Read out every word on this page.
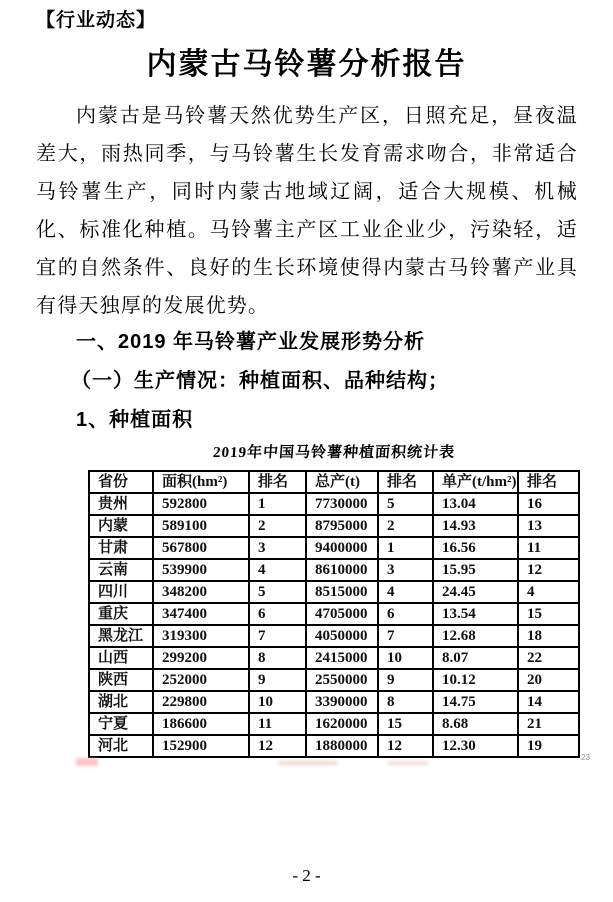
【行业动态】
内蒙古马铃薯分析报告

内蒙古是马铃薯天然优势生产区，日照充足，昼夜温差大，雨热同季，与马铃薯生长发育需求吻合，非常适合马铃薯生产，同时内蒙古地域辽阔，适合大规模、机械化、标准化种植。马铃薯主产区工业企业少，污染轻，适宜的自然条件、良好的生长环境使得内蒙古马铃薯产业具有得天独厚的发展优势。

一、2019 年马铃薯产业发展形势分析
（一）生产情况：种植面积、品种结构；
1、种植面积
2019年中国马铃薯种植面积统计表
省份	面积(hm²)	排名	总产(t)	排名	单产(t/hm²)	排名
贵州	592800	1	7730000	5	13.04	16
内蒙	589100	2	8795000	2	14.93	13
甘肃	567800	3	9400000	1	16.56	11
云南	539900	4	8610000	3	15.95	12
四川	348200	5	8515000	4	24.45	4
重庆	347400	6	4705000	6	13.54	15
黑龙江	319300	7	4050000	7	12.68	18
山西	299200	8	2415000	10	8.07	22
陕西	252000	9	2550000	9	10.12	20
湖北	229800	10	3390000	8	14.75	14
宁夏	186600	11	1620000	15	8.68	21
河北	152900	12	1880000	12	12.30	19
23
- 2 -
